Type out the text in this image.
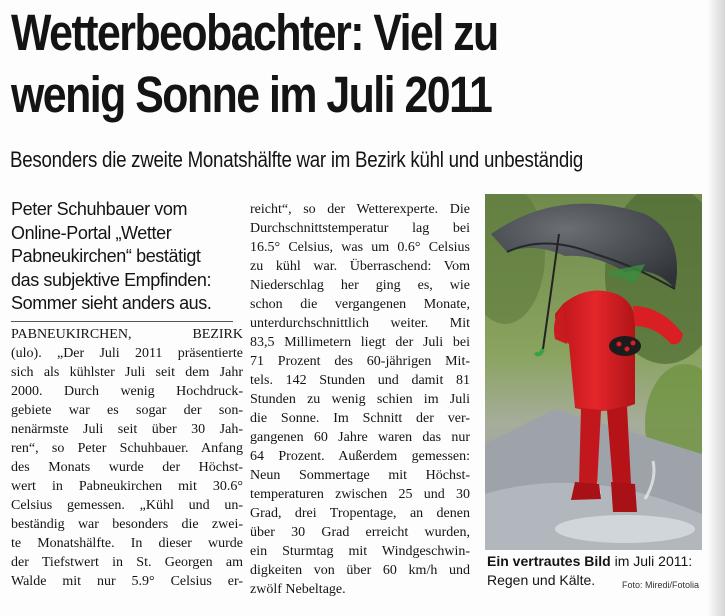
Wetterbeobachter: Viel zu
wenig Sonne im Juli 2011
Besonders die zweite Monatshälfte war im Bezirk kühl und unbeständig
Peter Schuhbauer vom
Online-Portal „Wetter
Pabneukirchen“ bestätigt
das subjektive Empfinden:
Sommer sieht anders aus.
PABNEUKIRCHEN, BEZIRK
(ulo). „Der Juli 2011 präsentierte
sich als kühlster Juli seit dem Jahr
2000. Durch wenig Hochdruck-
gebiete war es sogar der son-
nenärmste Juli seit über 30 Jah-
ren“, so Peter Schuhbauer. Anfang
des Monats wurde der Höchst-
wert in Pabneukirchen mit 30.6°
Celsius gemessen. „Kühl und un-
beständig war besonders die zwei-
te Monatshälfte. In dieser wurde
der Tiefstwert in St. Georgen am
Walde mit nur 5.9° Celsius er-
reicht“, so der Wetterexperte. Die
Durchschnittstemperatur lag bei
16.5° Celsius, was um 0.6° Celsius
zu kühl war. Überraschend: Vom
Niederschlag her ging es, wie
schon die vergangenen Monate,
unterdurchschnittlich weiter. Mit
83,5 Millimetern liegt der Juli bei
71 Prozent des 60-jährigen Mit-
tels. 142 Stunden und damit 81
Stunden zu wenig schien im Juli
die Sonne. Im Schnitt der ver-
gangenen 60 Jahre waren das nur
64 Prozent. Außerdem gemessen:
Neun Sommertage mit Höchst-
temperaturen zwischen 25 und 30
Grad, drei Tropentage, an denen
über 30 Grad erreicht wurden,
ein Sturmtag mit Windgeschwin-
digkeiten von über 60 km/h und
zwölf Nebeltage.
Ein vertrautes Bild im Juli 2011:
Regen und Kälte.	Foto: Miredi/Fotolia
